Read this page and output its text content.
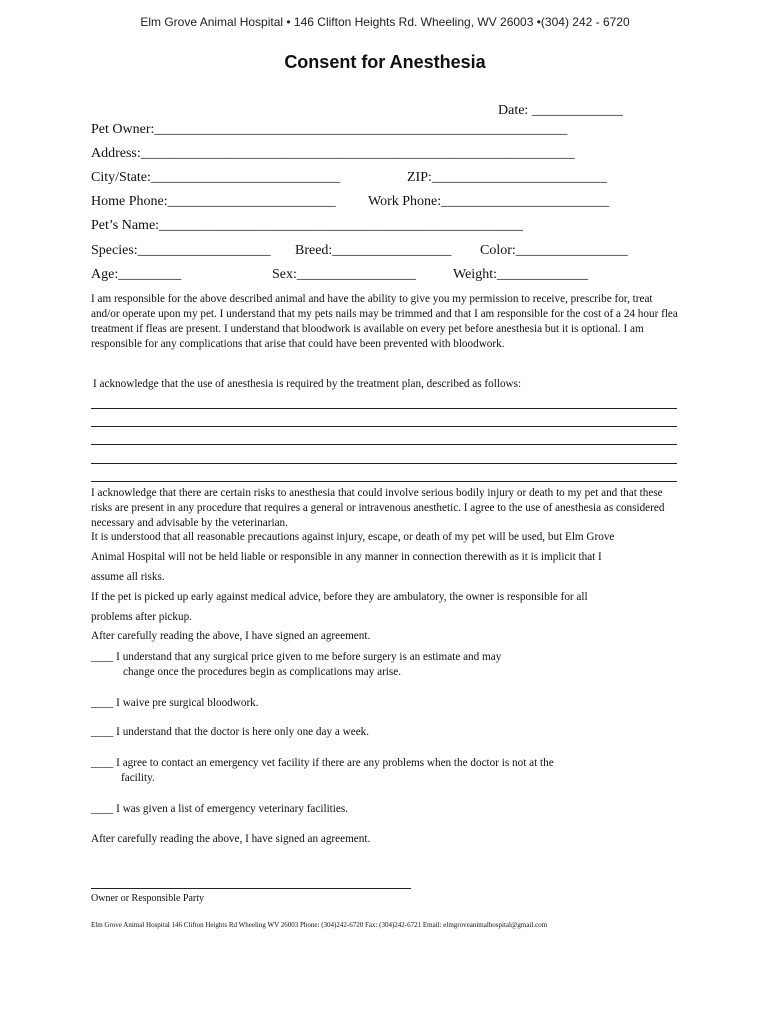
Elm Grove Animal Hospital • 146 Clifton Heights Rd. Wheeling, WV 26003 •(304) 242 - 6720
Consent for Anesthesia
Date: _____________
Pet Owner:___________________________________________________________
Address:______________________________________________________________
City/State:___________________________	ZIP:_________________________
Home Phone:________________________ Work Phone:________________________
Pet’s Name:____________________________________________________
Species:___________________ Breed:_________________ Color:________________
Age:_________	Sex:_________________	Weight:_____________
I am responsible for the above described animal and have the ability to give you my permission to receive, prescribe for, treat and/or operate upon my pet. I understand that my pets nails may be trimmed and that I am responsible for the cost of a 24 hour flea treatment if fleas are present. I understand that bloodwork is available on every pet before anesthesia but it is optional. I am responsible for any complications that arise that could have been prevented with bloodwork.
I acknowledge that the use of anesthesia is required by the treatment plan, described as follows:
I acknowledge that there are certain risks to anesthesia that could involve serious bodily injury or death to my pet and that these risks are present in any procedure that requires a general or intravenous anesthetic. I agree to the use of anesthesia as considered necessary and advisable by the veterinarian.
It is understood that all reasonable precautions against injury, escape, or death of my pet will be used, but Elm Grove
Animal Hospital will not be held liable or responsible in any manner in connection therewith as it is implicit that I
assume all risks.
If the pet is picked up early against medical advice, before they are ambulatory, the owner is responsible for all
problems after pickup.
After carefully reading the above, I have signed an agreement.
____ I understand that any surgical price given to me before surgery is an estimate and may
change once the procedures begin as complications may arise.
____ I waive pre surgical bloodwork.
____ I understand that the doctor is here only one day a week.
____ I agree to contact an emergency vet facility if there are any problems when the doctor is not at the
facility.
____ I was given a list of emergency veterinary facilities.
After carefully reading the above, I have signed an agreement.
Owner or Responsible Party
Elm Grove Animal Hospital 146 Clifton Heights Rd Wheeling WV 26003 Phone: (304)242-6720 Fax: (304)242-6721 Email: elmgroveanimalhospital@gmail.com
